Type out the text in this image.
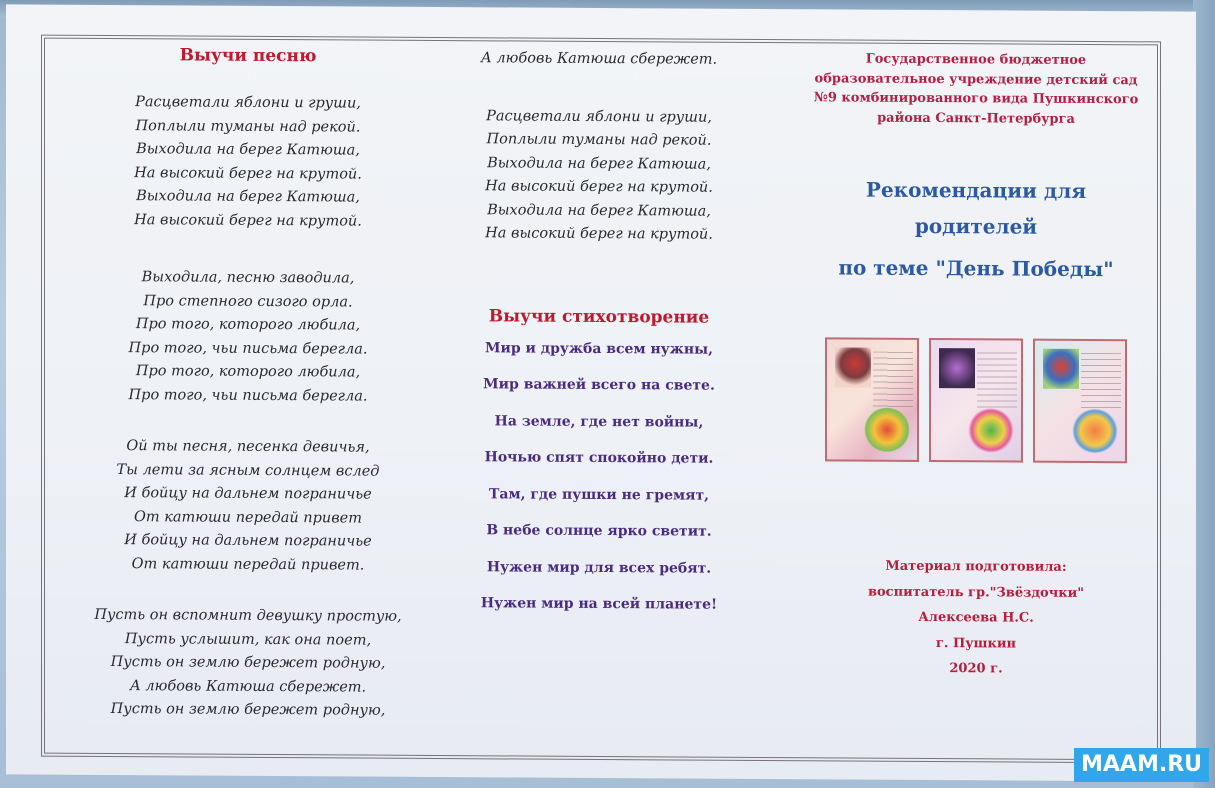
Выучи песню

Расцветали яблони и груши,

Поплыли туманы над рекой.

Выходила на берег Катюша,

На высокий берег на крутой.

Выходила на берег Катюша,

На высокий берег на крутой.

Выходила, песню заводила,

Про степного сизого орла.

Про того, которого любила,

Про того, чьи письма берегла.

Про того, которого любила,

Про того, чьи письма берегла.

Ой ты песня, песенка девичья,

Ты лети за ясным солнцем вслед

И бойцу на дальнем пограничье

От катюши передай привет

И бойцу на дальнем пограничье

От катюши передай привет.

Пусть он вспомнит девушку простую,

Пусть услышит, как она поет,

Пусть он землю бережет родную,

А любовь Катюша сбережет.

Пусть он землю бережет родную,

А любовь Катюша сбережет.

Расцветали яблони и груши,

Поплыли туманы над рекой.

Выходила на берег Катюша,

На высокий берег на крутой.

Выходила на берег Катюша,

На высокий берег на крутой.

Выучи стихотворение

Мир и дружба всем нужны,

Мир важней всего на свете.

На земле, где нет войны,

Ночью спят спокойно дети.

Там, где пушки не гремят,

В небе солнце ярко светит.

Нужен мир для всех ребят.

Нужен мир на всей планете!

Государственное бюджетное

образовательное учреждение детский сад

№9 комбинированного вида Пушкинского

района Санкт-Петербурга

Рекомендации для

родителей

по теме "День Победы"

Материал подготовила:

воспитатель гр."Звёздочки"

Алексеева Н.С.

г. Пушкин

2020 г.

MAAM.RU
